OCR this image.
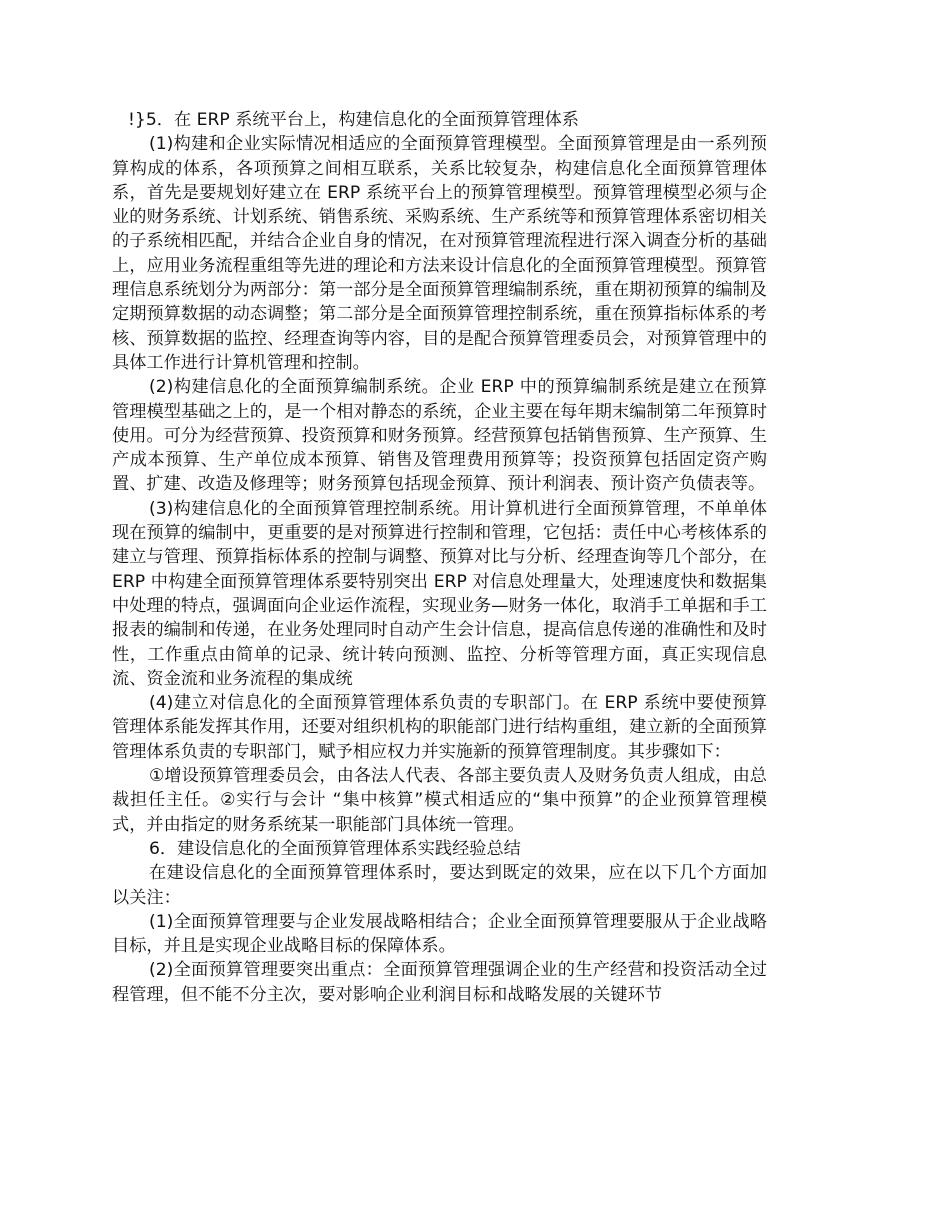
!}5．在 ERP 系统平台上，构建信息化的全面预算管理体系

(1)构建和企业实际情况相适应的全面预算管理模型。全面预算管理是由一系列预算构成的体系，各项预算之间相互联系，关系比较复杂，构建信息化全面预算管理体系，首先是要规划好建立在 ERP 系统平台上的预算管理模型。预算管理模型必须与企业的财务系统、计划系统、销售系统、采购系统、生产系统等和预算管理体系密切相关的子系统相匹配，并结合企业自身的情况，在对预算管理流程进行深入调查分析的基础上，应用业务流程重组等先进的理论和方法来设计信息化的全面预算管理模型。预算管理信息系统划分为两部分：第一部分是全面预算管理编制系统，重在期初预算的编制及定期预算数据的动态调整；第二部分是全面预算管理控制系统，重在预算指标体系的考核、预算数据的监控、经理查询等内容，目的是配合预算管理委员会，对预算管理中的具体工作进行计算机管理和控制。

(2)构建信息化的全面预算编制系统。企业 ERP 中的预算编制系统是建立在预算管理模型基础之上的，是一个相对静态的系统，企业主要在每年期末编制第二年预算时使用。可分为经营预算、投资预算和财务预算。经营预算包括销售预算、生产预算、生产成本预算、生产单位成本预算、销售及管理费用预算等；投资预算包括固定资产购置、扩建、改造及修理等；财务预算包括现金预算、预计利润表、预计资产负债表等。

(3)构建信息化的全面预算管理控制系统。用计算机进行全面预算管理，不单单体现在预算的编制中，更重要的是对预算进行控制和管理，它包括：责任中心考核体系的建立与管理、预算指标体系的控制与调整、预算对比与分析、经理查询等几个部分，在 ERP 中构建全面预算管理体系要特别突出 ERP 对信息处理量大，处理速度快和数据集中处理的特点，强调面向企业运作流程，实现业务—财务一体化，取消手工单据和手工报表的编制和传递，在业务处理同时自动产生会计信息，提高信息传递的准确性和及时性，工作重点由简单的记录、统计转向预测、监控、分析等管理方面，真正实现信息流、资金流和业务流程的集成统

(4)建立对信息化的全面预算管理体系负责的专职部门。在 ERP 系统中要使预算管理体系能发挥其作用，还要对组织机构的职能部门进行结构重组，建立新的全面预算管理体系负责的专职部门，赋予相应权力并实施新的预算管理制度。其步骤如下：

①增设预算管理委员会，由各法人代表、各部主要负责人及财务负责人组成，由总裁担任主任。②实行与会计 “集中核算”模式相适应的“集中预算”的企业预算管理模式，并由指定的财务系统某一职能部门具体统一管理。

6．建设信息化的全面预算管理体系实践经验总结

在建设信息化的全面预算管理体系时，要达到既定的效果，应在以下几个方面加以关注：

(1)全面预算管理要与企业发展战略相结合；企业全面预算管理要服从于企业战略目标，并且是实现企业战略目标的保障体系。

(2)全面预算管理要突出重点：全面预算管理强调企业的生产经营和投资活动全过程管理，但不能不分主次，要对影响企业利润目标和战略发展的关键环节
